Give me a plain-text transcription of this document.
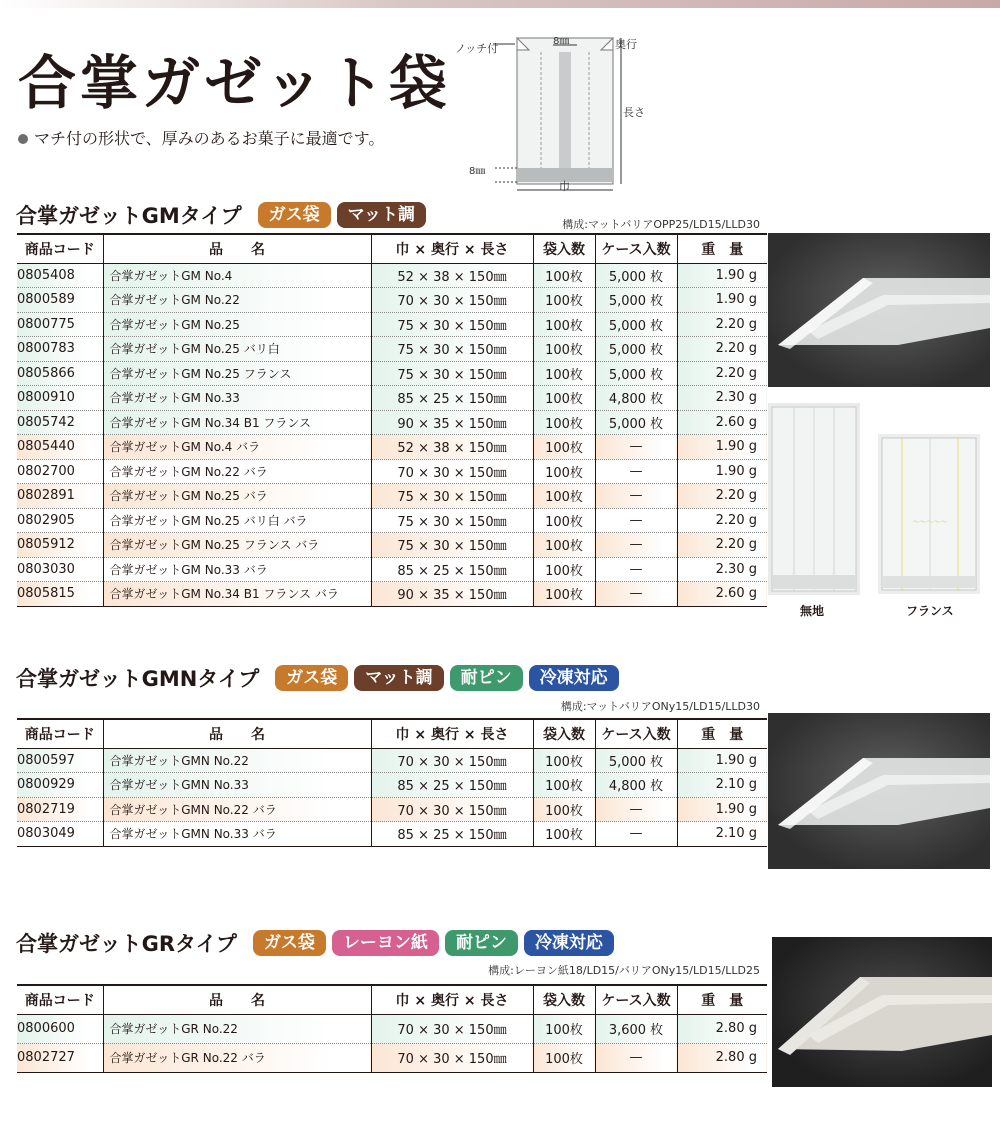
合掌ガゼット袋
マチ付の形状で、厚みのあるお菓子に最適です。
ノッチ付
8㎜	奥行
長さ
8㎜
巾
合掌ガゼットGMタイプ	ガス袋	マット調	構成:マットバリアOPP25/LD15/LLD30
商品コード	品　　名	巾 × 奥行 × 長さ	袋入数	ケース入数	重　量
0805408	合掌ガゼットGM No.4	52 × 38 × 150㎜	100枚	5,000 枚	1.90 g
0800589	合掌ガゼットGM No.22	70 × 30 × 150㎜	100枚	5,000 枚	1.90 g
0800775	合掌ガゼットGM No.25	75 × 30 × 150㎜	100枚	5,000 枚	2.20 g
0800783	合掌ガゼットGM No.25 バリ白	75 × 30 × 150㎜	100枚	5,000 枚	2.20 g
0805866	合掌ガゼットGM No.25 フランス	75 × 30 × 150㎜	100枚	5,000 枚	2.20 g
0800910	合掌ガゼットGM No.33	85 × 25 × 150㎜	100枚	4,800 枚	2.30 g
0805742	合掌ガゼットGM No.34 B1 フランス	90 × 35 × 150㎜	100枚	5,000 枚	2.60 g
0805440	合掌ガゼットGM No.4 バラ	52 × 38 × 150㎜	100枚	—	1.90 g
0802700	合掌ガゼットGM No.22 バラ	70 × 30 × 150㎜	100枚	—	1.90 g
0802891	合掌ガゼットGM No.25 バラ	75 × 30 × 150㎜	100枚	—	2.20 g
0802905	合掌ガゼットGM No.25 バリ白 バラ	75 × 30 × 150㎜	100枚	—	2.20 g
0805912	合掌ガゼットGM No.25 フランス バラ	75 × 30 × 150㎜	100枚	—	2.20 g
0803030	合掌ガゼットGM No.33 バラ	85 × 25 × 150㎜	100枚	—	2.30 g
0805815	合掌ガゼットGM No.34 B1 フランス バラ	90 × 35 × 150㎜	100枚	—	2.60 g
無地
〜〜〜〜〜
フランス
合掌ガゼットGMNタイプ	ガス袋	マット調	耐ピン	冷凍対応
構成:マットバリアONy15/LD15/LLD30
商品コード	品　　名	巾 × 奥行 × 長さ	袋入数	ケース入数	重　量
0800597	合掌ガゼットGMN No.22	70 × 30 × 150㎜	100枚	5,000 枚	1.90 g
0800929	合掌ガゼットGMN No.33	85 × 25 × 150㎜	100枚	4,800 枚	2.10 g
0802719	合掌ガゼットGMN No.22 バラ	70 × 30 × 150㎜	100枚	—	1.90 g
0803049	合掌ガゼットGMN No.33 バラ	85 × 25 × 150㎜	100枚	—	2.10 g
合掌ガゼットGRタイプ	ガス袋	レーヨン紙	耐ピン	冷凍対応
構成:レーヨン紙18/LD15/バリアONy15/LD15/LLD25
商品コード	品　　名	巾 × 奥行 × 長さ	袋入数	ケース入数	重　量
0800600	合掌ガゼットGR No.22	70 × 30 × 150㎜	100枚	3,600 枚	2.80 g
0802727	合掌ガゼットGR No.22 バラ	70 × 30 × 150㎜	100枚	—	2.80 g
